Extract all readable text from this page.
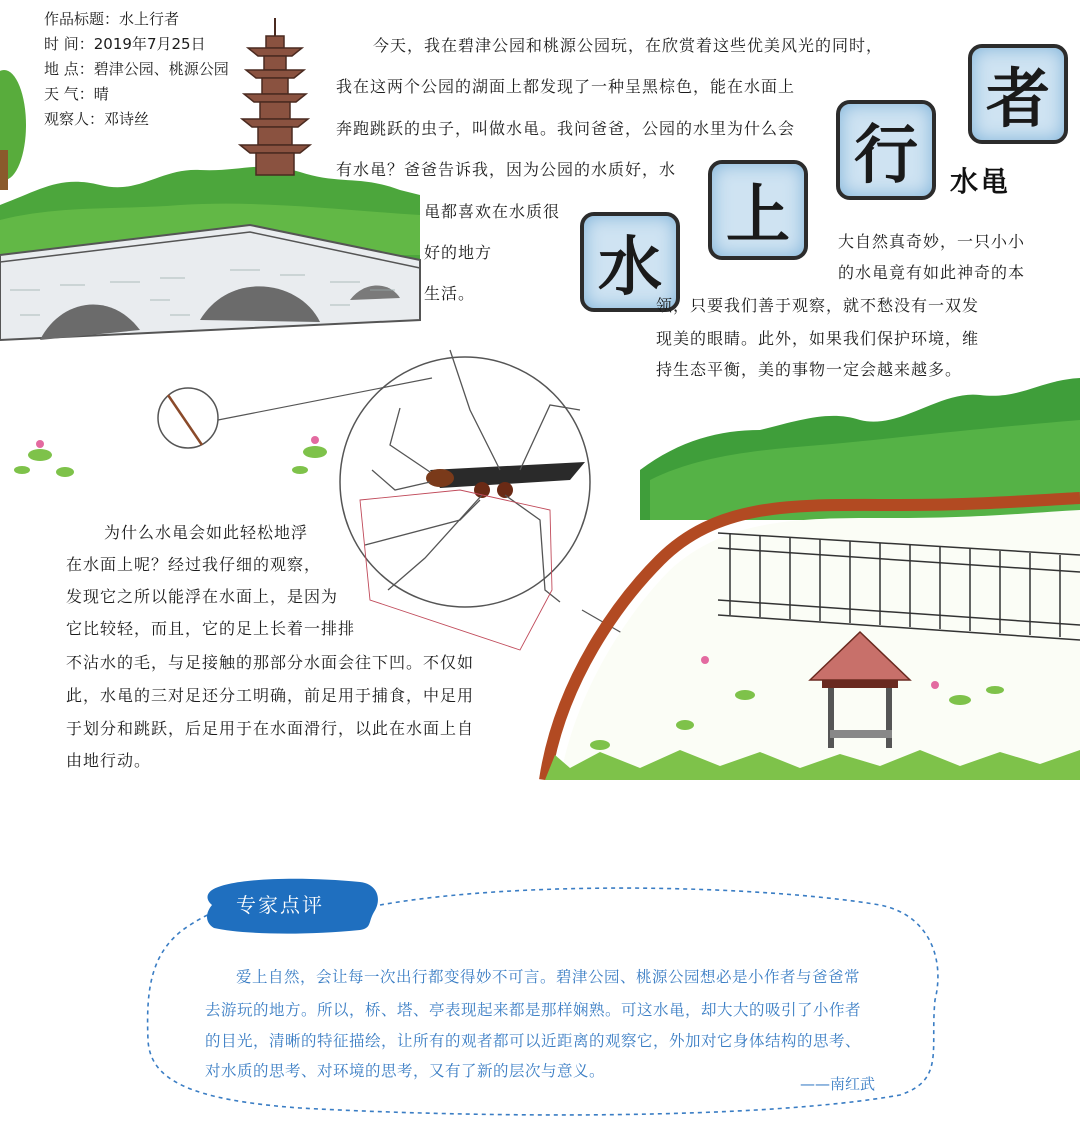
作品标题：水上行者

时 间：2019年7月25日

地 点：碧津公园、桃源公园

天 气：晴

观察人：邓诗丝

今天，我在碧津公园和桃源公园玩，在欣赏着这些优美风光的同时，

我在这两个公园的湖面上都发现了一种呈黑棕色，能在水面上

奔跑跳跃的虫子，叫做水黾。我问爸爸，公园的水里为什么会

有水黾？爸爸告诉我，因为公园的水质好，水

黾都喜欢在水质很

好的地方

生活。 水
上
行
者
水黾

大自然真奇妙，一只小小

的水黾竟有如此神奇的本

领，只要我们善于观察，就不愁没有一双发

现美的眼睛。此外，如果我们保护环境，维

持生态平衡，美的事物一定会越来越多。

为什么水黾会如此轻松地浮

在水面上呢？经过我仔细的观察，

发现它之所以能浮在水面上，是因为

它比较轻，而且，它的足上长着一排排

不沾水的毛，与足接触的那部分水面会往下凹。不仅如

此，水黾的三对足还分工明确，前足用于捕食，中足用

于划分和跳跃，后足用于在水面滑行，以此在水面上自

由地行动。

专家点评

爱上自然，会让每一次出行都变得妙不可言。碧津公园、桃源公园想必是小作者与爸爸常

去游玩的地方。所以，桥、塔、亭表现起来都是那样娴熟。可这水黾，却大大的吸引了小作者

的目光，清晰的特征描绘，让所有的观者都可以近距离的观察它，外加对它身体结构的思考、

对水质的思考、对环境的思考，又有了新的层次与意义。

——南红武
